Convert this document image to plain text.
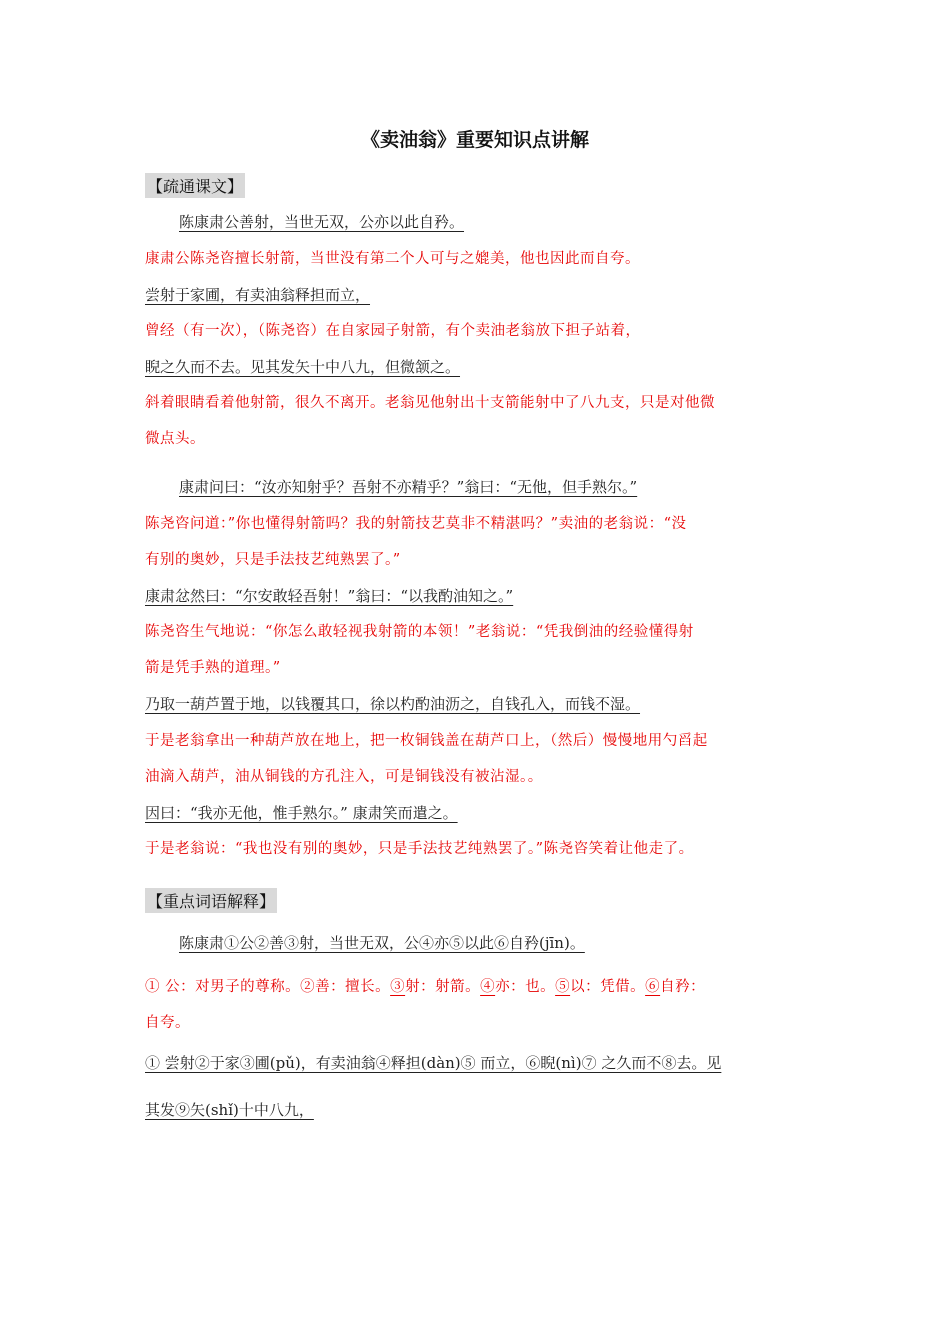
《卖油翁》重要知识点讲解
【疏通课文】
陈康肃公善射，当世无双，公亦以此自矜。
康肃公陈尧咨擅长射箭，当世没有第二个人可与之媲美，他也因此而自夸。
尝射于家圃，有卖油翁释担而立，
曾经（有一次），（陈尧咨）在自家园子射箭，有个卖油老翁放下担子站着，
睨之久而不去。见其发矢十中八九，但微颔之。
斜着眼睛看着他射箭，很久不离开。老翁见他射出十支箭能射中了八九支，只是对他微
微点头。
康肃问曰：“汝亦知射乎？吾射不亦精乎？”翁曰：“无他，但手熟尔。”
陈尧咨问道：”你也懂得射箭吗？我的射箭技艺莫非不精湛吗？”卖油的老翁说：“没
有别的奥妙，只是手法技艺纯熟罢了。”
康肃忿然曰：“尔安敢轻吾射！”翁曰：“以我酌油知之。”
陈尧咨生气地说：“你怎么敢轻视我射箭的本领！”老翁说：“凭我倒油的经验懂得射
箭是凭手熟的道理。”
乃取一葫芦置于地，以钱覆其口，徐以杓酌油沥之，自钱孔入，而钱不湿。
于是老翁拿出一种葫芦放在地上，把一枚铜钱盖在葫芦口上，（然后）慢慢地用勺舀起
油滴入葫芦，油从铜钱的方孔注入，可是铜钱没有被沾湿。。
因曰：“我亦无他，惟手熟尔。” 康肃笑而遣之。
于是老翁说：“我也没有别的奥妙，只是手法技艺纯熟罢了。”陈尧咨笑着让他走了。
【重点词语解释】
陈康肃①公②善③射，当世无双，公④亦⑤以此⑥自矜(jīn)。
① 公：对男子的尊称。②善：擅长。③射：射箭。④亦：也。⑤以：凭借。⑥自矜：
自夸。
① 尝射②于家③圃(pǔ)，有卖油翁④释担(dàn)⑤ 而立，⑥睨(nì)⑦ 之久而不⑧去。见
其发⑨矢(shǐ)十中八九，
